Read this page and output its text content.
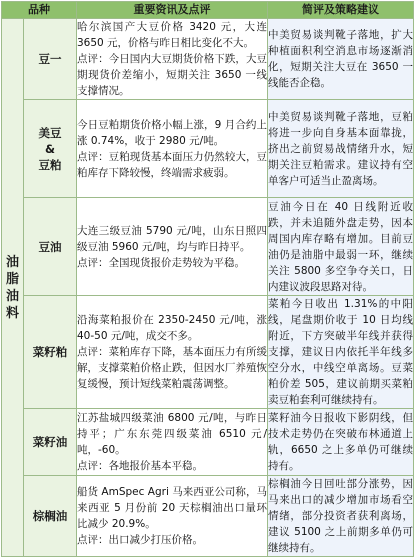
品种		重要资讯及点评	简评及策略建议

油
脂
油
料	豆一	哈尔滨国产大豆价格 3420 元，大连 3650 元，价格与昨日相比变化不大。
点评：今日国内大豆期货价格下跌，大豆期现货价差缩小，短期关注 3650 一线支撑情况。	中美贸易谈判靴子落地，扩大种植面积利空消息市场逐渐消化，短期关注大豆在 3650 一线能否企稳。

	美豆
&
豆粕	今日豆粕期货价格小幅上涨，9 月合约上涨 0.74%，收于 2980 元/吨。
点评：豆粕现货基本面压力仍然较大，豆粕库存下降较慢，终端需求疲弱。	中美贸易谈判靴子落地，豆粕将进一步向自身基本面靠拢，挤出之前贸易战情绪升水，短期关注豆粕需求。建议持有空单客户可适当止盈离场。

	豆油	大连三级豆油 5790 元/吨，山东日照四级豆油 5960 元/吨，均与昨日持平。
点评：全国现货报价走势较为平稳。	豆油今日在 40 日线附近收跌，并未追随外盘走势，因本周国内库存略有增加。目前豆油仍是油脂中最弱一环，继续关注 5800 多空争夺关口，日内建议波段思路对待。

	菜籽粕	沿海菜粕报价在 2350-2450 元/吨，涨 40-50 元/吨，成交不多。
点评：菜粕库存下降，基本面压力有所缓解，支撑菜粕价格止跌，但因水厂养殖恢复缓慢，预计短线菜粕震荡调整。	菜粕今日收出 1.31%的中阳线，尾盘期价收于 10 日均线附近，下方突破半年线并获得支撑，建议日内依托半年线多空分水，中线空单离场。豆菜粕价差 505，建议前期买菜粕卖豆粕套利可继续持有。

	菜籽油	江苏盐城四级菜油 6800 元/吨，与昨日持平；广东东莞四级菜油 6510 元/吨，-60。
点评：各地报价基本平稳。	菜籽油今日报收下影阴线，但技术走势仍在突破布林通道上轨，6650 之上多单仍可继续持有。

	棕榈油	船货 AmSpec Agri 马来西亚公司称，马来西亚 5 月份前 20 天棕榈油出口量环比减少 20.9%。
点评：出口减少打压价格。	棕榈油今日回吐部分涨势，因马来出口的减少增加市场看空情绪，部分投资者获利离场，建议 5100 之上前期多单仍可继续持有。
